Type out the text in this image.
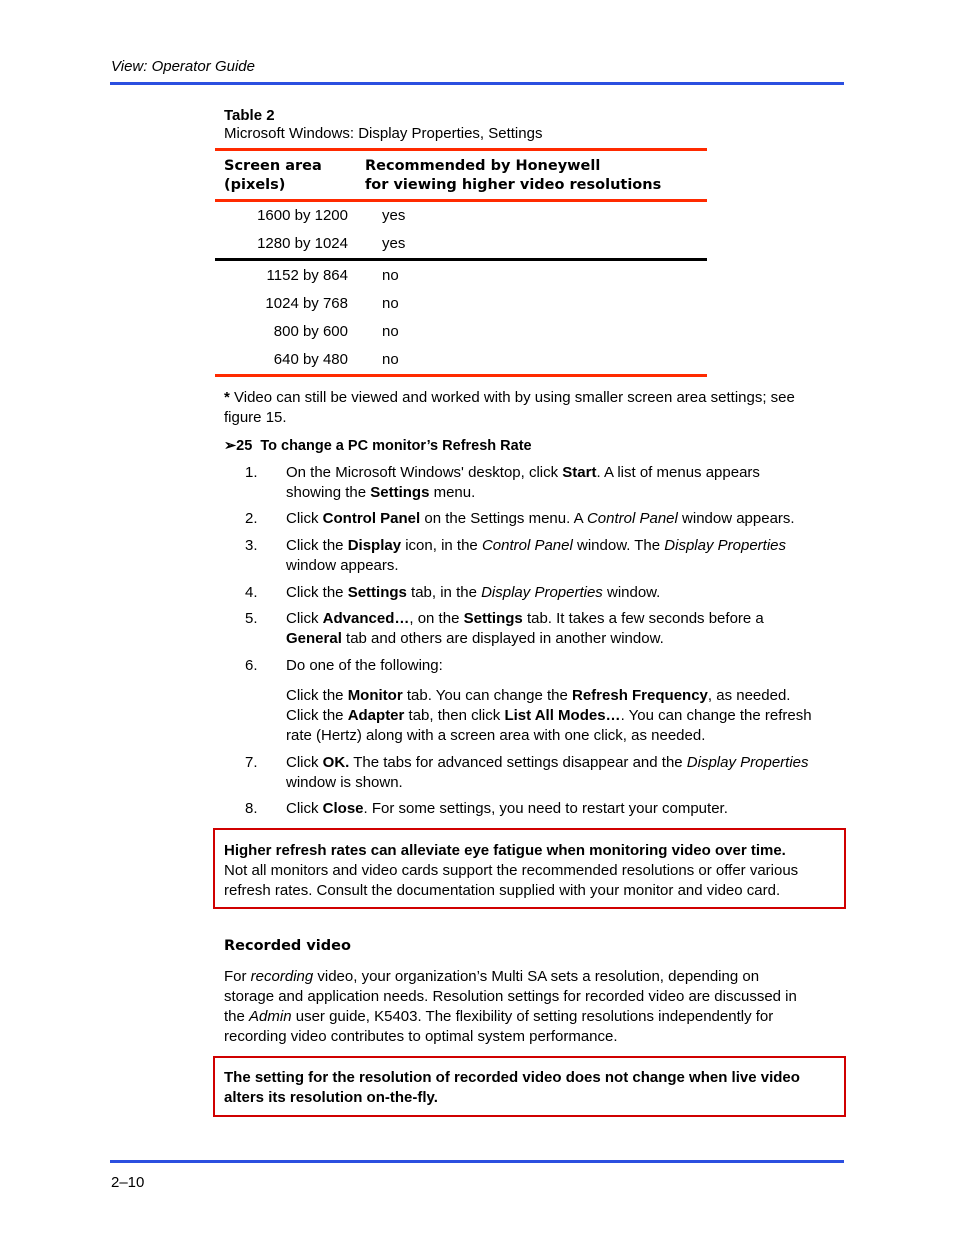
View: Operator Guide
Table 2
Microsoft Windows: Display Properties, Settings
Screen area
(pixels)
Recommended by Honeywell
for viewing higher video resolutions
1600 by 1200 yes
1280 by 1024 yes
1152 by 864 no
1024 by 768 no
800 by 600 no
640 by 480 no
* Video can still be viewed and worked with by using smaller screen area settings; see
figure 15.
➢25 To change a PC monitor’s Refresh Rate
1. On the Microsoft Windows' desktop, click Start. A list of menus appears
showing the Settings menu.
2. Click Control Panel on the Settings menu. A Control Panel window appears.
3. Click the Display icon, in the Control Panel window. The Display Properties
window appears.
4. Click the Settings tab, in the Display Properties window.
5. Click Advanced…, on the Settings tab. It takes a few seconds before a
General tab and others are displayed in another window.
6. Do one of the following:
Click the Monitor tab. You can change the Refresh Frequency, as needed.
Click the Adapter tab, then click List All Modes…. You can change the refresh
rate (Hertz) along with a screen area with one click, as needed.
7. Click OK. The tabs for advanced settings disappear and the Display Properties
window is shown.
8. Click Close. For some settings, you need to restart your computer.
Higher refresh rates can alleviate eye fatigue when monitoring video over time.
Not all monitors and video cards support the recommended resolutions or offer various
refresh rates. Consult the documentation supplied with your monitor and video card.
Recorded video
For recording video, your organization’s Multi SA sets a resolution, depending on
storage and application needs. Resolution settings for recorded video are discussed in
the Admin user guide, K5403. The flexibility of setting resolutions independently for
recording video contributes to optimal system performance.
The setting for the resolution of recorded video does not change when live video
alters its resolution on-the-fly.
2–10
